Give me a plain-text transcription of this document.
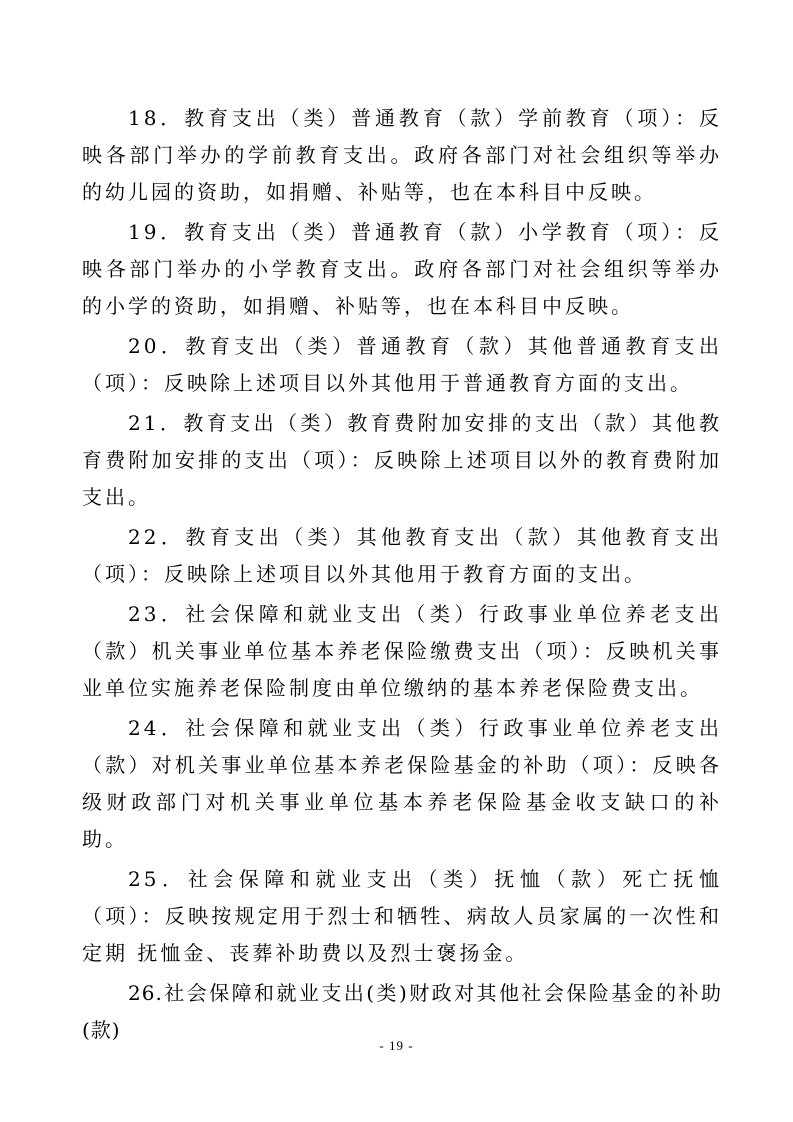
18．教育支出（类）普通教育（款）学前教育（项）：反映各部门举办的学前教育支出。政府各部门对社会组织等举办的幼儿园的资助，如捐赠、补贴等，也在本科目中反映。

19．教育支出（类）普通教育（款）小学教育（项）：反映各部门举办的小学教育支出。政府各部门对社会组织等举办的小学的资助，如捐赠、补贴等，也在本科目中反映。

20．教育支出（类）普通教育（款）其他普通教育支出（项）：反映除上述项目以外其他用于普通教育方面的支出。

21．教育支出（类）教育费附加安排的支出（款）其他教育费附加安排的支出（项）：反映除上述项目以外的教育费附加支出。

22．教育支出（类）其他教育支出（款）其他教育支出（项）：反映除上述项目以外其他用于教育方面的支出。

23．社会保障和就业支出（类）行政事业单位养老支出（款）机关事业单位基本养老保险缴费支出（项）：反映机关事业单位实施养老保险制度由单位缴纳的基本养老保险费支出。

24．社会保障和就业支出（类）行政事业单位养老支出（款）对机关事业单位基本养老保险基金的补助（项）：反映各级财政部门对机关事业单位基本养老保险基金收支缺口的补助。

25．社会保障和就业支出（类）抚恤（款）死亡抚恤（项）：反映按规定用于烈士和牺牲、病故人员家属的一次性和定期 抚恤金、丧葬补助费以及烈士褒扬金。

26.社会保障和就业支出(类)财政对其他社会保险基金的补助(款)

- 19 -
